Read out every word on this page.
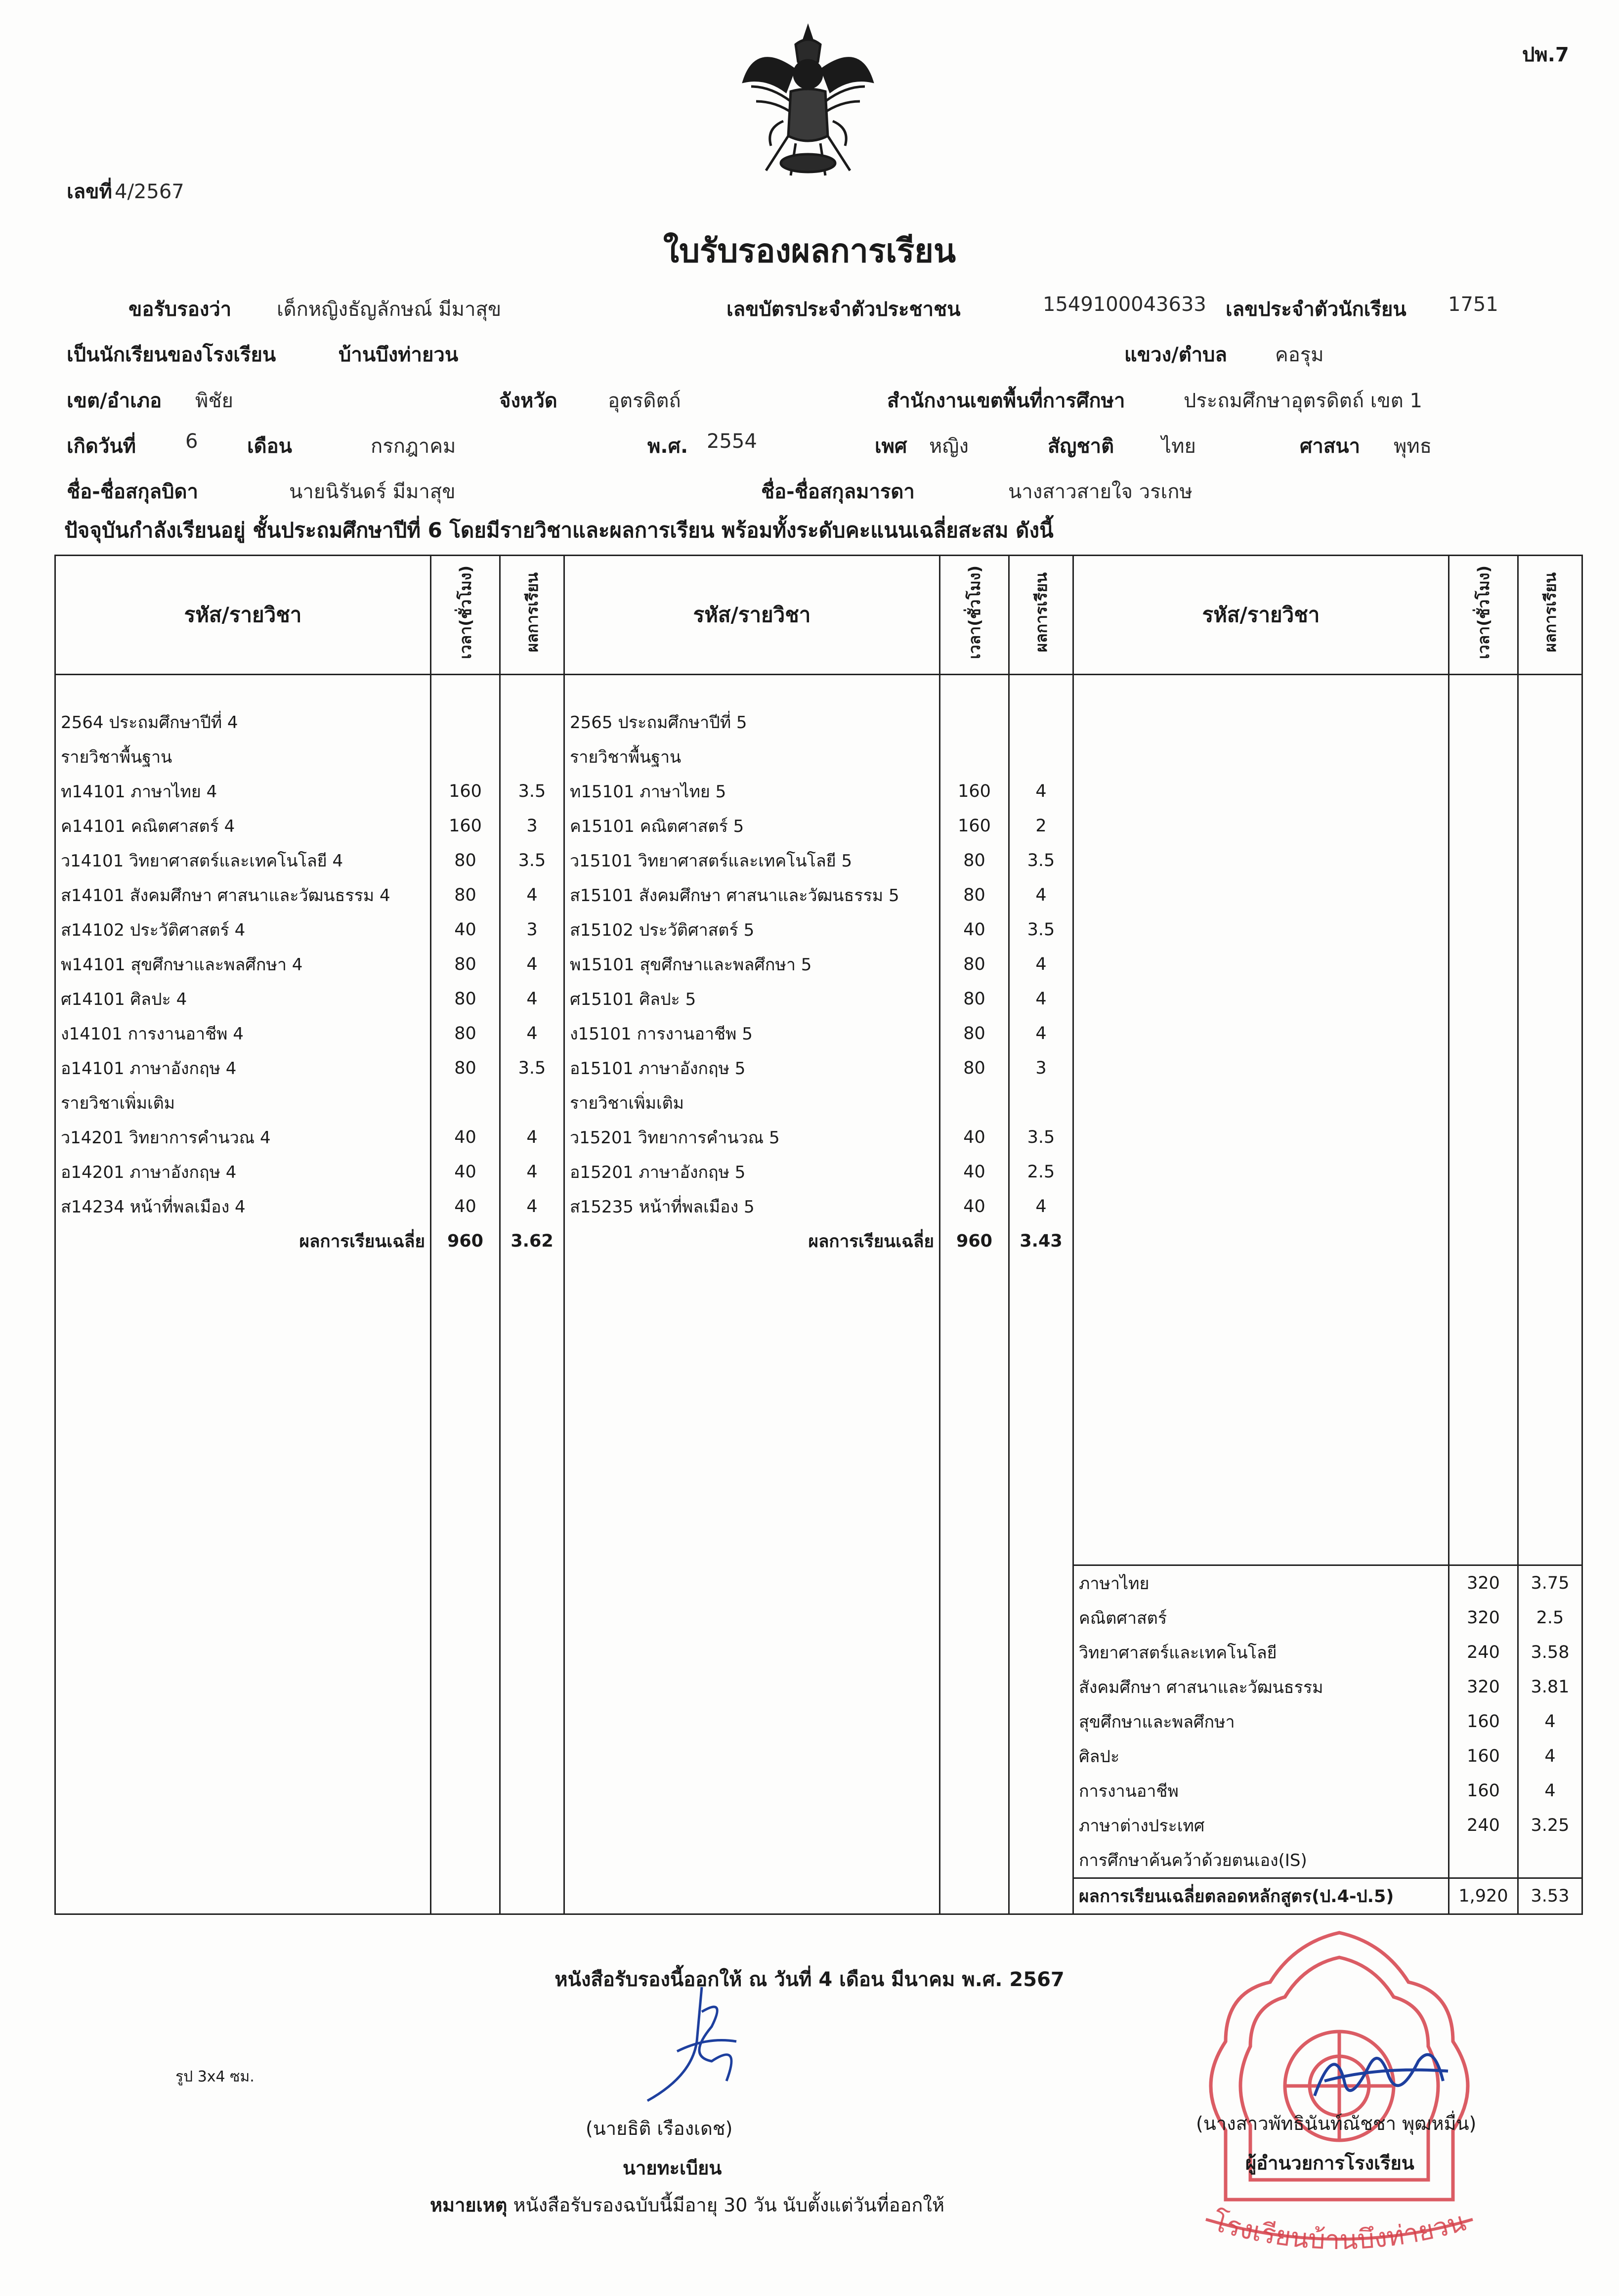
ปพ.7
เลขที่ 4/2567
ใบรับรองผลการเรียน
ขอรับรองว่า เด็กหญิงธัญลักษณ์ มีมาสุข	เลขบัตรประจำตัวประชาชน	1549100043633 เลขประจำตัวนักเรียน 1751
เป็นนักเรียนของโรงเรียน	บ้านบึงท่ายวน	แขวง/ตำบล คอรุม
เขต/อำเภอ พิชัย	จังหวัด	อุตรดิตถ์	สำนักงานเขตพื้นที่การศึกษา	ประถมศึกษาอุตรดิตถ์ เขต 1
เกิดวันที่ 6 เดือน	กรกฎาคม	พ.ศ. 2554	เพศ หญิง	สัญชาติ ไทย	ศาสนา พุทธ
ชื่อ-ชื่อสกุลบิดา	นายนิรันดร์ มีมาสุข	ชื่อ-ชื่อสกุลมารดา	นางสาวสายใจ วรเกษ
ปัจจุบันกำลังเรียนอยู่ ชั้นประถมศึกษาปีที่ 6 โดยมีรายวิชาและผลการเรียน พร้อมทั้งระดับคะแนนเฉลี่ยสะสม ดังนี้
รหัส/รายวิชา	เวลา(ชั่วโมง)	ผลการเรียน	รหัส/รายวิชา	เวลา(ชั่วโมง)	ผลการเรียน	รหัส/รายวิชา	เวลา(ชั่วโมง)	ผลการเรียน

2564 ประถมศึกษาปีที่ 4			2565 ประถมศึกษาปีที่ 5					
รายวิชาพื้นฐาน			รายวิชาพื้นฐาน					
ท14101 ภาษาไทย 4	160	3.5	ท15101 ภาษาไทย 5	160	4			
ค14101 คณิตศาสตร์ 4	160	3	ค15101 คณิตศาสตร์ 5	160	2			
ว14101 วิทยาศาสตร์และเทคโนโลยี 4	80	3.5	ว15101 วิทยาศาสตร์และเทคโนโลยี 5	80	3.5			
ส14101 สังคมศึกษา ศาสนาและวัฒนธรรม 4	80	4	ส15101 สังคมศึกษา ศาสนาและวัฒนธรรม 5	80	4			
ส14102 ประวัติศาสตร์ 4	40	3	ส15102 ประวัติศาสตร์ 5	40	3.5			
พ14101 สุขศึกษาและพลศึกษา 4	80	4	พ15101 สุขศึกษาและพลศึกษา 5	80	4			
ศ14101 ศิลปะ 4	80	4	ศ15101 ศิลปะ 5	80	4			
ง14101 การงานอาชีพ 4	80	4	ง15101 การงานอาชีพ 5	80	4			
อ14101 ภาษาอังกฤษ 4	80	3.5	อ15101 ภาษาอังกฤษ 5	80	3			
รายวิชาเพิ่มเติม			รายวิชาเพิ่มเติม					
ว14201 วิทยาการคำนวณ 4	40	4	ว15201 วิทยาการคำนวณ 5	40	3.5			
อ14201 ภาษาอังกฤษ 4	40	4	อ15201 ภาษาอังกฤษ 5	40	2.5			
ส14234 หน้าที่พลเมือง 4	40	4	ส15235 หน้าที่พลเมือง 5	40	4			
ผลการเรียนเฉลี่ย	960	3.62	ผลการเรียนเฉลี่ย	960	3.43			

						ภาษาไทย	320	3.75
						คณิตศาสตร์	320	2.5
						วิทยาศาสตร์และเทคโนโลยี	240	3.58
						สังคมศึกษา ศาสนาและวัฒนธรรม	320	3.81
						สุขศึกษาและพลศึกษา	160	4
						ศิลปะ	160	4
						การงานอาชีพ	160	4
						ภาษาต่างประเทศ	240	3.25
						การศึกษาค้นคว้าด้วยตนเอง(IS)		
						ผลการเรียนเฉลี่ยตลอดหลักสูตร(ป.4-ป.5)	1,920	3.53
หนังสือรับรองนี้ออกให้ ณ วันที่ 4 เดือน มีนาคม พ.ศ. 2567
รูป 3x4 ซม.
(นายธิติ เรืองเดช)
นายทะเบียน
หมายเหตุ หนังสือรับรองฉบับนี้มีอายุ 30 วัน นับตั้งแต่วันที่ออกให้
โรงเรียนบ้านบึงท่ายวน
(นางสาวพัทธินันท์ณัชชา พุฒหมื่น)
ผู้อำนวยการโรงเรียน
